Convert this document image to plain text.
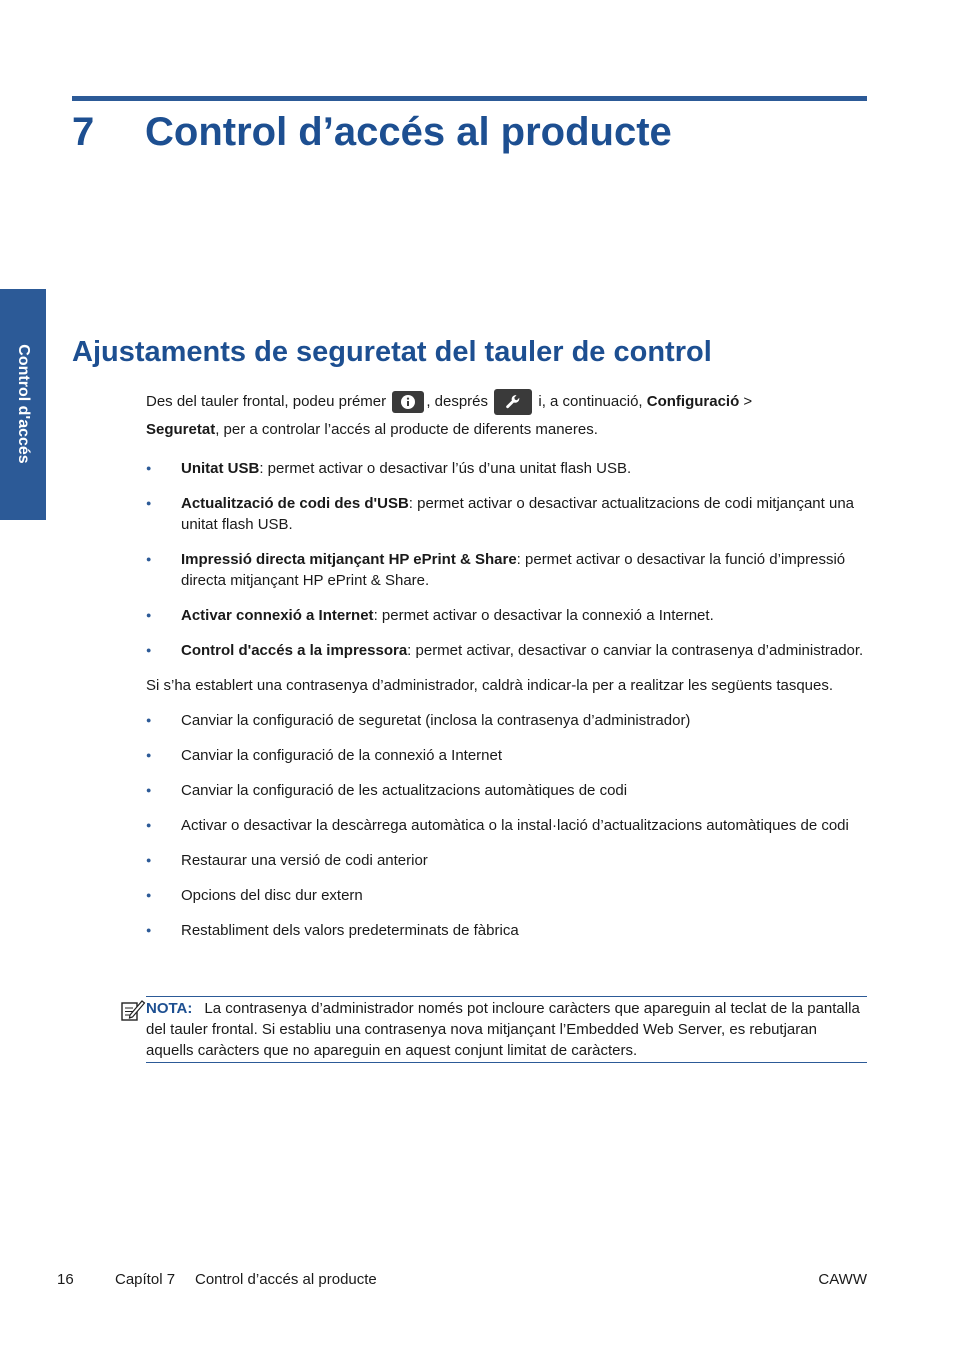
7 Control d’accés al producte
Control d'accés Ajustaments de seguretat del tauler de control

Des del tauler frontal, podeu prémer	, després	i, a continuació, Configuració >
Seguretat, per a controlar l’accés al producte de diferents maneres.

● Unitat USB: permet activar o desactivar l’ús d’una unitat flash USB.
● Actualització de codi des d'USB: permet activar o desactivar actualitzacions de codi mitjançant una unitat flash USB.
● Impressió directa mitjançant HP ePrint & Share: permet activar o desactivar la funció d’impressió directa mitjançant HP ePrint & Share.
● Activar connexió a Internet: permet activar o desactivar la connexió a Internet.
● Control d'accés a la impressora: permet activar, desactivar o canviar la contrasenya d’administrador.

Si s’ha establert una contrasenya d’administrador, caldrà indicar-la per a realitzar les següents tasques.

● Canviar la configuració de seguretat (inclosa la contrasenya d’administrador)
● Canviar la configuració de la connexió a Internet
● Canviar la configuració de les actualitzacions automàtiques de codi
● Activar o desactivar la descàrrega automàtica o la instal·lació d’actualitzacions automàtiques de codi
● Restaurar una versió de codi anterior
● Opcions del disc dur extern
● Restabliment dels valors predeterminats de fàbrica
NOTA: La contrasenya d’administrador només pot incloure caràcters que apareguin al teclat de la pantalla del tauler frontal. Si establiu una contrasenya nova mitjançant l’Embedded Web Server, es rebutjaran aquells caràcters que no apareguin en aquest conjunt limitat de caràcters.
16	Capítol 7 Control d’accés al producte	CAWW
